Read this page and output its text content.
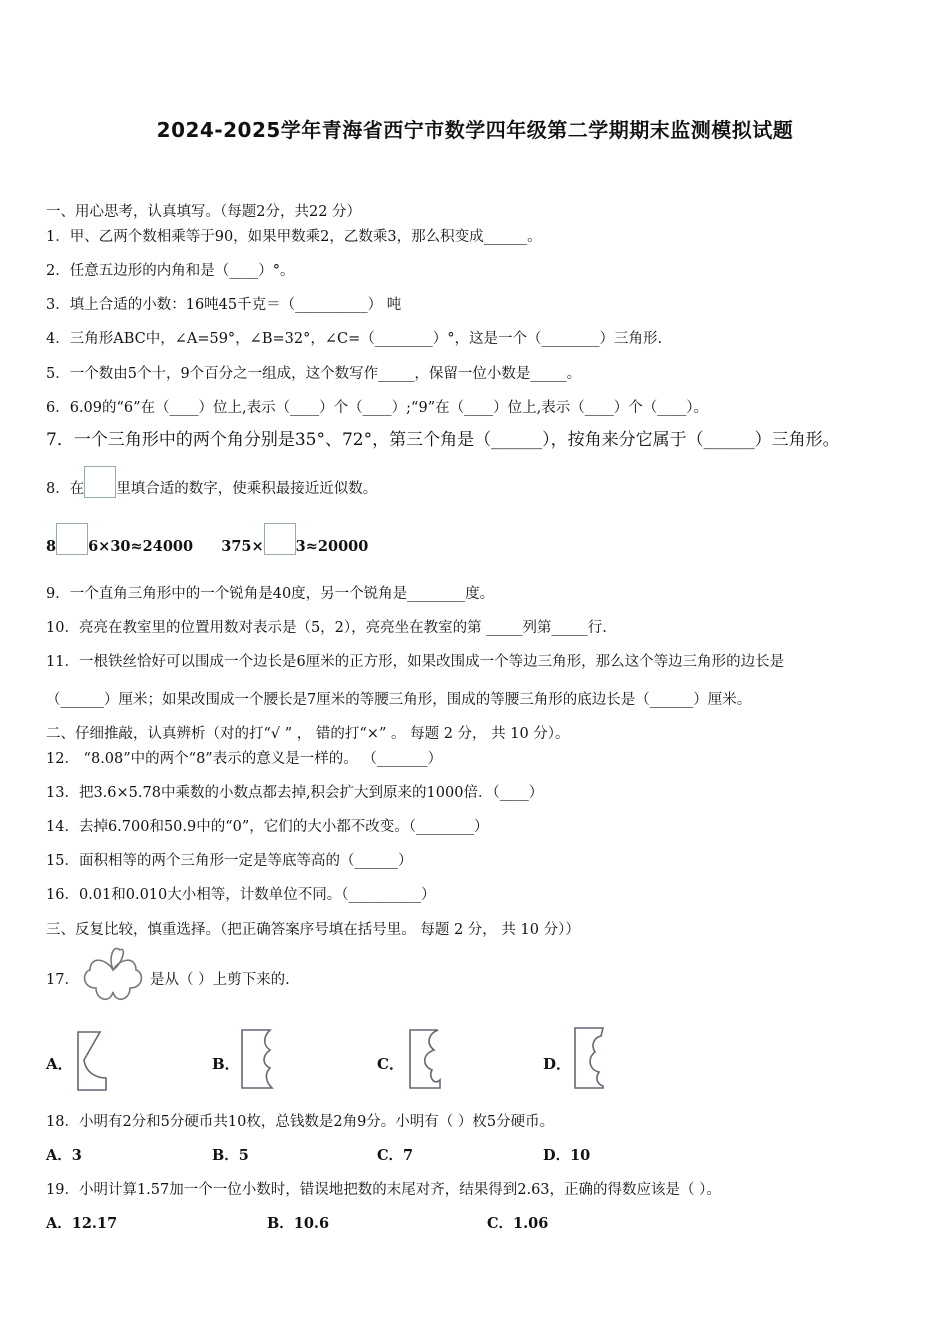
2024-2025学年青海省西宁市数学四年级第二学期期末监测模拟试题
一、用心思考，认真填写。（每题2分，共22 分）
1．甲、乙两个数相乘等于90，如果甲数乘2，乙数乘3，那么积变成______。
2．任意五边形的内角和是（____）°。
3．填上合适的小数：16吨45千克＝（__________） 吨
4．三角形ABC中，∠A=59°，∠B=32°，∠C=（________）°，这是一个（________）三角形.
5．一个数由5个十，9个百分之一组成，这个数写作_____，保留一位小数是_____。
6．6.09的“6”在（____）位上,表示（____）个（____）;“9”在（____）位上,表示（____）个（____）。
7．一个三角形中的两个角分别是35°、72°，第三个角是（______），按角来分它属于（______）三角形。
8．在 里填合适的数字，使乘积最接近近似数。
8 6×30≈24000 375× 3≈20000
9．一个直角三角形中的一个锐角是40度，另一个锐角是________度。
10．亮亮在教室里的位置用数对表示是（5，2），亮亮坐在教室的第 _____列第_____行.
11．一根铁丝恰好可以围成一个边长是6厘米的正方形，如果改围成一个等边三角形，那么这个等边三角形的边长是
（______）厘米；如果改围成一个腰长是7厘米的等腰三角形，围成的等腰三角形的底边长是（______）厘米。
二、仔细推敲，认真辨析（对的打“√ ” ， 错的打“×” 。 每题 2 分， 共 10 分）。
12． “8.08”中的两个“8”表示的意义是一样的。 （_______）
13．把3.6×5.78中乘数的小数点都去掉,积会扩大到原来的1000倍．（____）
14．去掉6.700和50.9中的“0”，它们的大小都不改变。（________）
15．面积相等的两个三角形一定是等底等高的（______）
16．0.01和0.010大小相等，计数单位不同。（__________）
三、反复比较，慎重选择。（把正确答案序号填在括号里。 每题 2 分， 共 10 分））
17．	是从（ ）上剪下来的.
A．	B．	C．	D．
18．小明有2分和5分硬币共10枚，总钱数是2角9分。小明有（ ）枚5分硬币。
A．3	B．5	C．7	D．10
19．小明计算1.57加一个一位小数时，错误地把数的末尾对齐，结果得到2.63，正确的得数应该是（ ）。
A．12.17	B．10.6	C．1.06
